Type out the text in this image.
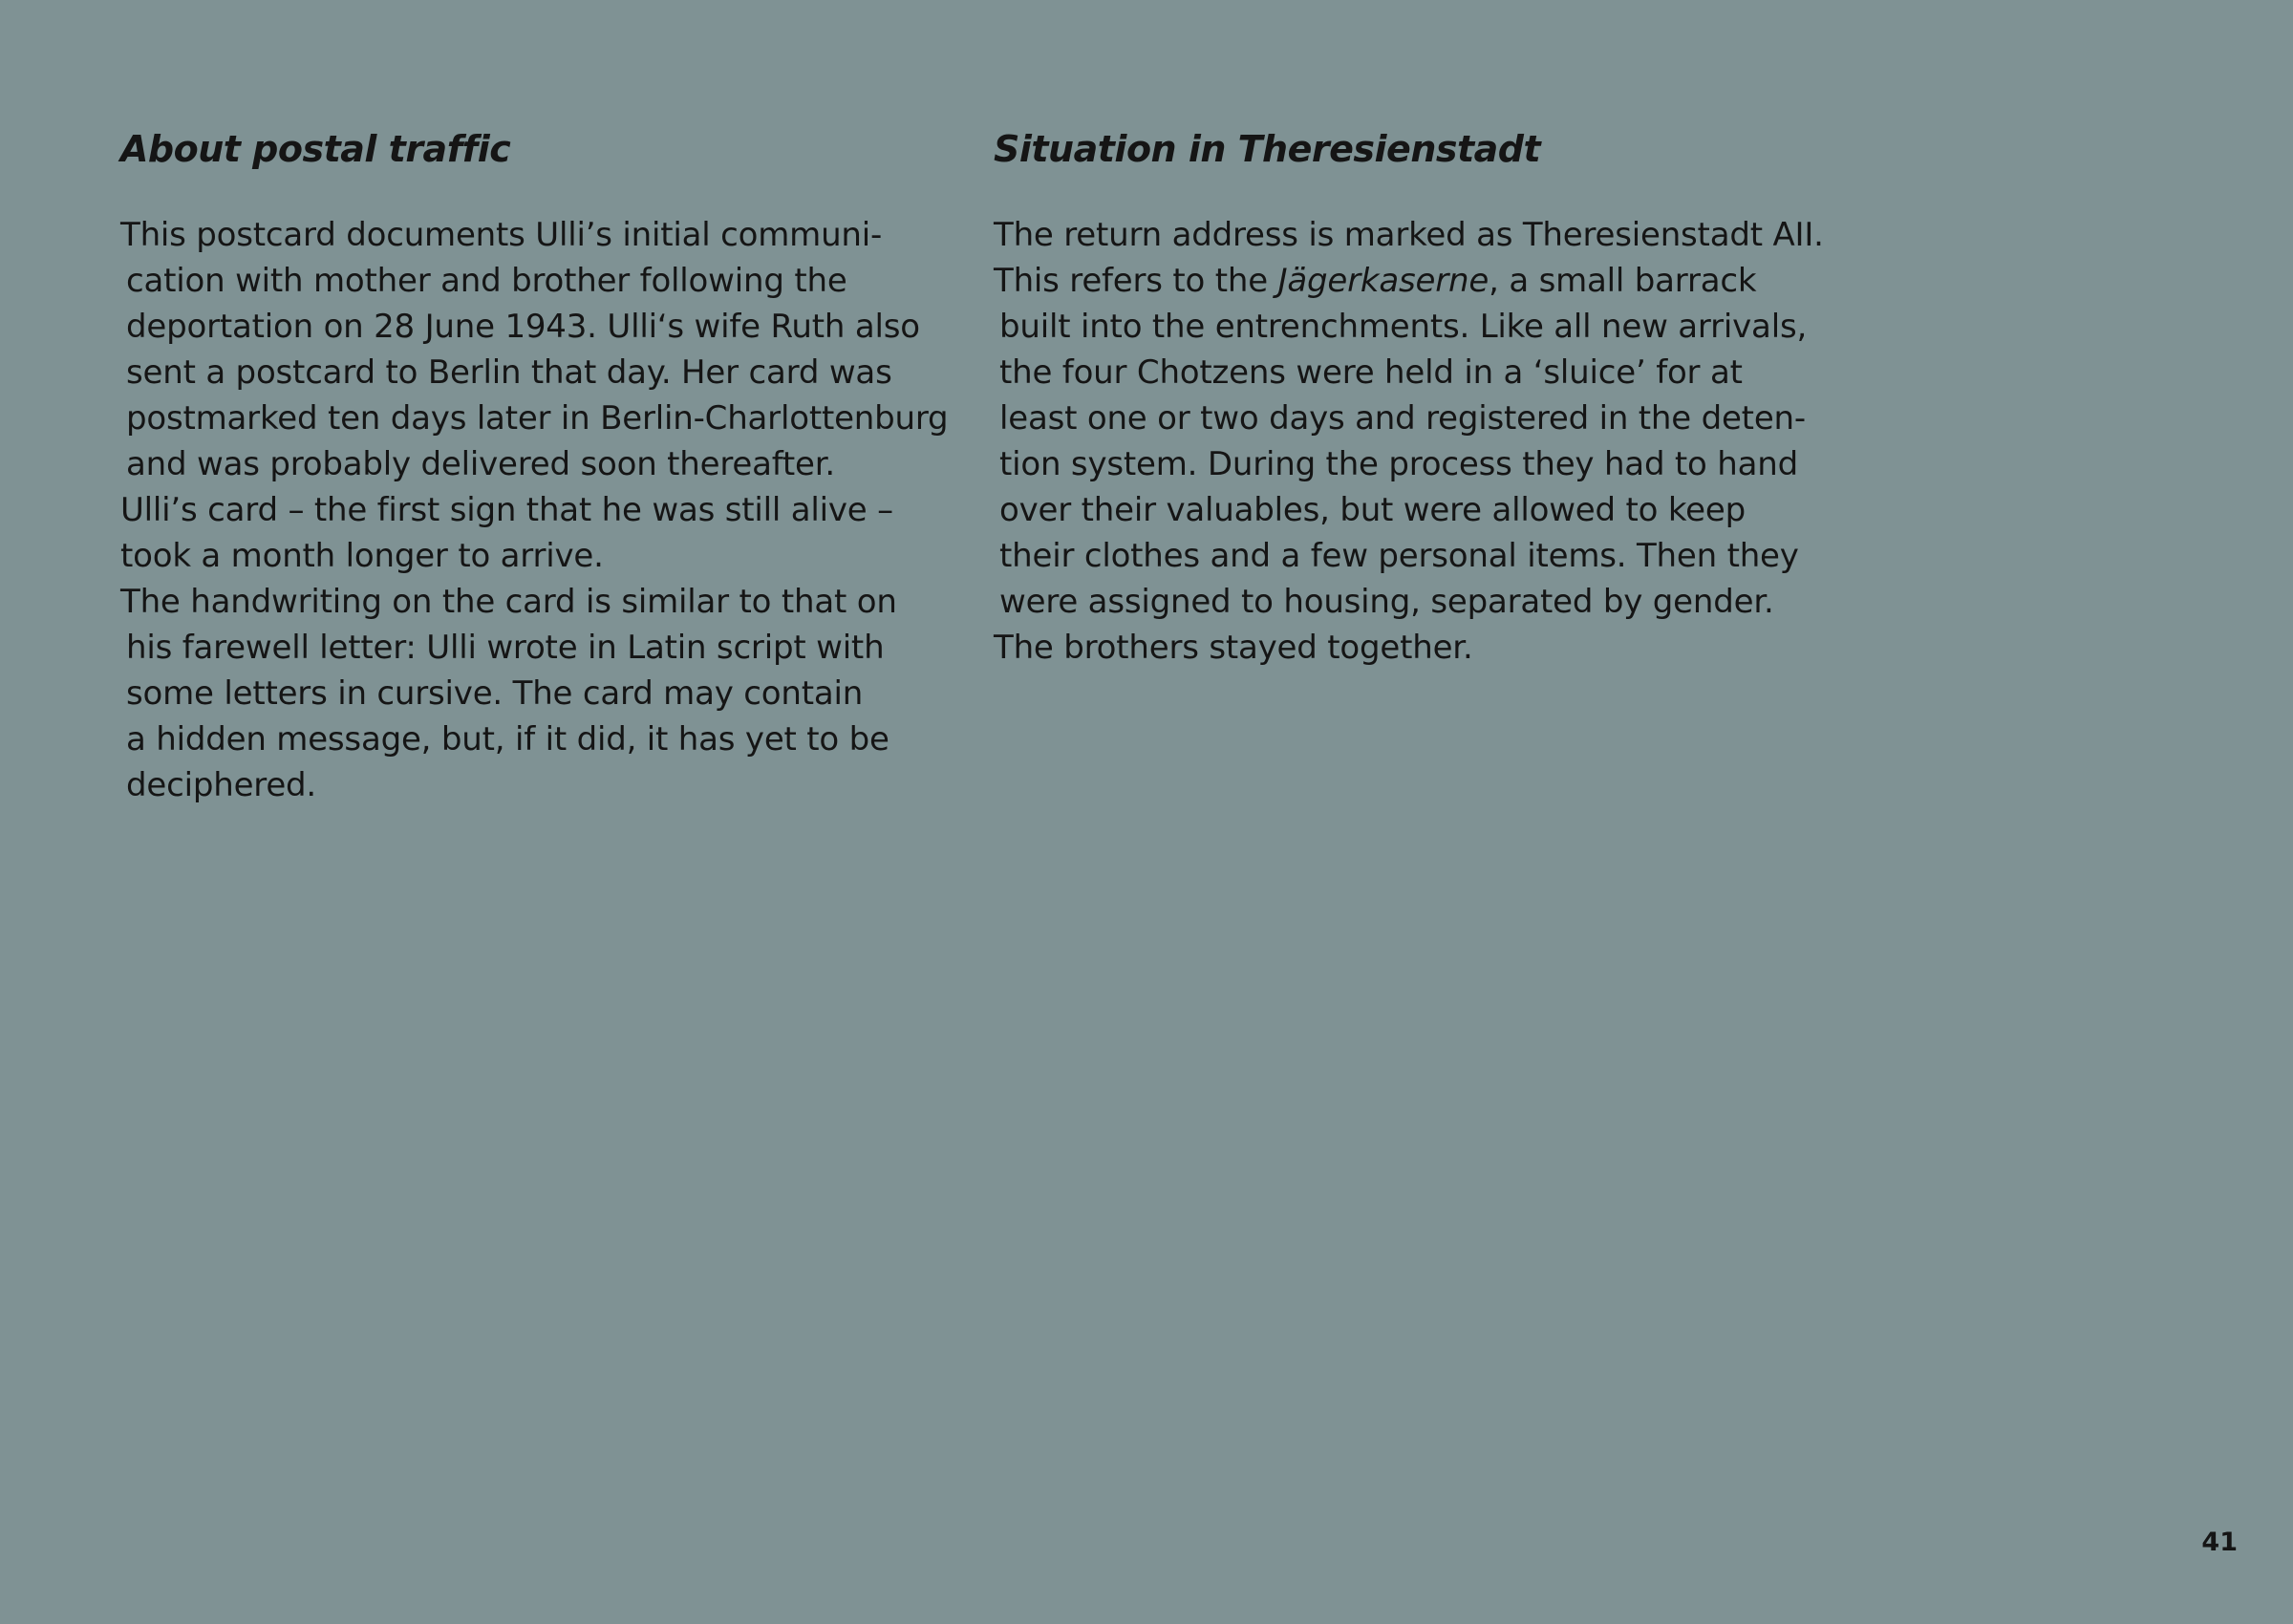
About postal traffic
This postcard documents Ulli’s initial communi-
cation with mother and brother following the
deportation on 28 June 1943. Ulli‘s wife Ruth also
sent a postcard to Berlin that day. Her card was
postmarked ten days later in Berlin-Charlottenburg
and was probably delivered soon thereafter.
Ulli’s card – the first sign that he was still alive –
took a month longer to arrive.
The handwriting on the card is similar to that on
his farewell letter: Ulli wrote in Latin script with
some letters in cursive. The card may contain
a hidden message, but, if it did, it has yet to be
deciphered.
Situation in Theresienstadt
The return address is marked as Theresienstadt AII.
This refers to the Jägerkaserne, a small barrack
built into the entrenchments. Like all new arrivals,
the four Chotzens were held in a ‘sluice’ for at
least one or two days and registered in the deten-
tion system. During the process they had to hand
over their valuables, but were allowed to keep
their clothes and a few personal items. Then they
were assigned to housing, separated by gender.
The brothers stayed together.
41
